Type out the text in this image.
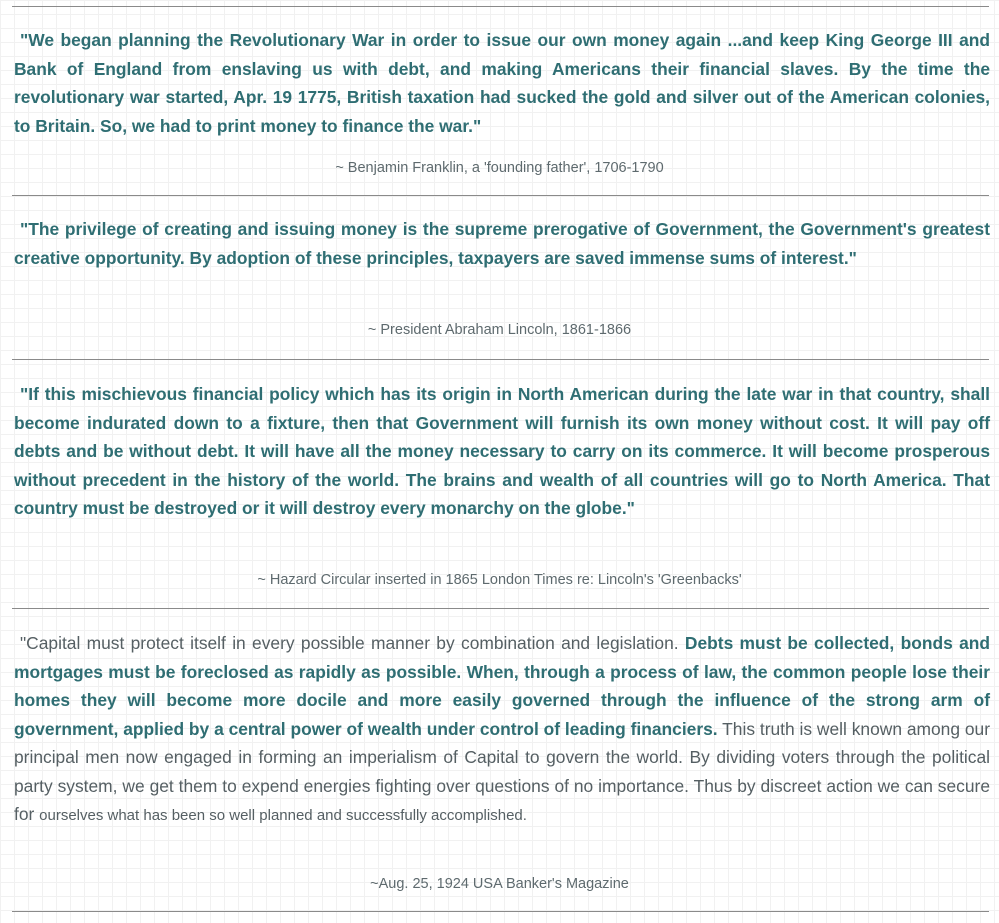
"We began planning the Revolutionary War in order to issue our own money again ...and keep King George III and Bank of England from enslaving us with debt, and making Americans their financial slaves. By the time the revolutionary war started, Apr. 19 1775, British taxation had sucked the gold and silver out of the American colonies, to Britain. So, we had to print money to finance the war."

~ Benjamin Franklin, a 'founding father', 1706-1790

"The privilege of creating and issuing money is the supreme prerogative of Government, the Government's greatest creative opportunity. By adoption of these principles, taxpayers are saved immense sums of interest."

~ President Abraham Lincoln, 1861-1866

"If this mischievous financial policy which has its origin in North American during the late war in that country, shall become indurated down to a fixture, then that Government will furnish its own money without cost. It will pay off debts and be without debt. It will have all the money necessary to carry on its commerce. It will become prosperous without precedent in the history of the world. The brains and wealth of all countries will go to North America. That country must be destroyed or it will destroy every monarchy on the globe."

~ Hazard Circular inserted in 1865 London Times re: Lincoln's 'Greenbacks'

"Capital must protect itself in every possible manner by combination and legislation. Debts must be collected, bonds and mortgages must be foreclosed as rapidly as possible. When, through a process of law, the common people lose their homes they will become more docile and more easily governed through the influence of the strong arm of government, applied by a central power of wealth under control of leading financiers. This truth is well known among our principal men now engaged in forming an imperialism of Capital to govern the world. By dividing voters through the political party system, we get them to expend energies fighting over questions of no importance. Thus by discreet action we can secure for ourselves what has been so well planned and successfully accomplished.

~Aug. 25, 1924 USA Banker's Magazine
